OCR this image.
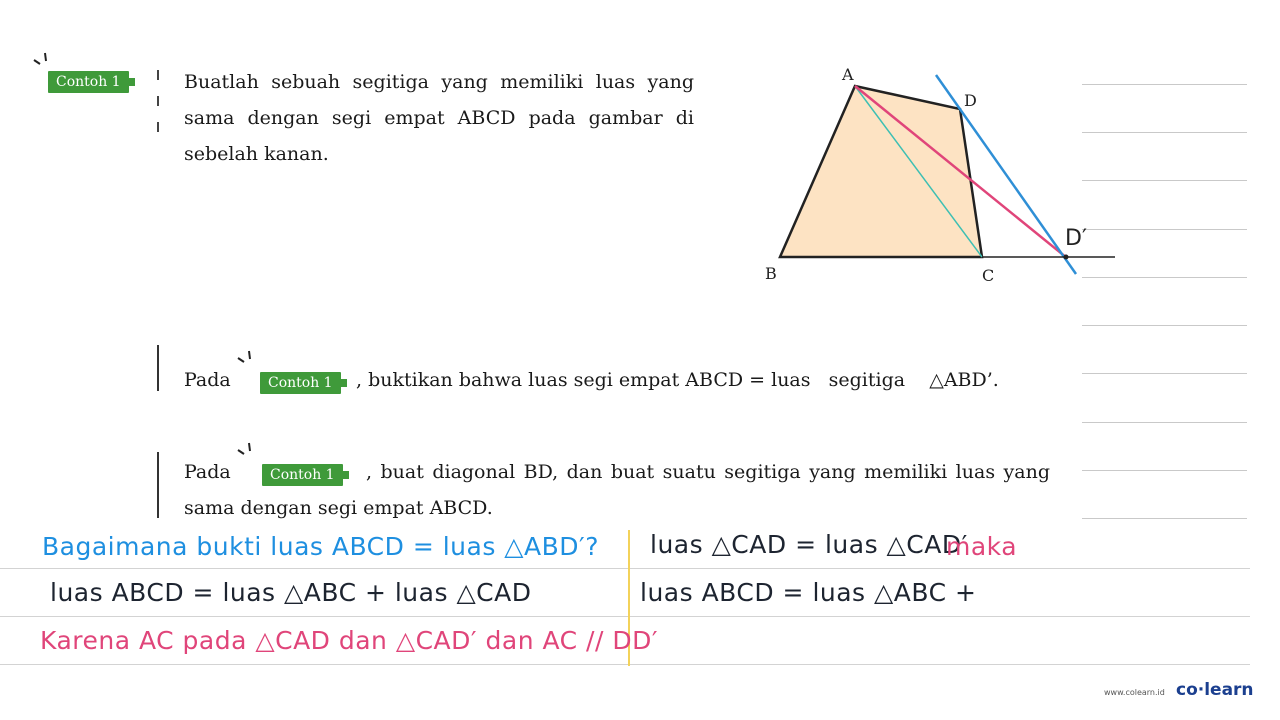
Contoh 1	Buatlah sebuah segitiga yang memiliki luas yang sama dengan segi empat ABCD pada gambar di sebelah kanan.
A
D
B	C
D′
Pada	Contoh 1	, buktikan bahwa luas segi empat ABCD = luas   segitiga    △ABD’.
Pada	Contoh 1	, buat diagonal BD, dan buat suatu segitiga yang memiliki luas yang sama dengan segi empat ABCD.
Bagaimana bukti luas ABCD = luas △ABD′?
luas ABCD = luas △ABC + luas △CAD
Karena AC pada △CAD dan △CAD′ dan AC // DD′
luas △CAD = luas △CAD′
maka
luas ABCD = luas △ABC +
www.colearn.id co·learn
